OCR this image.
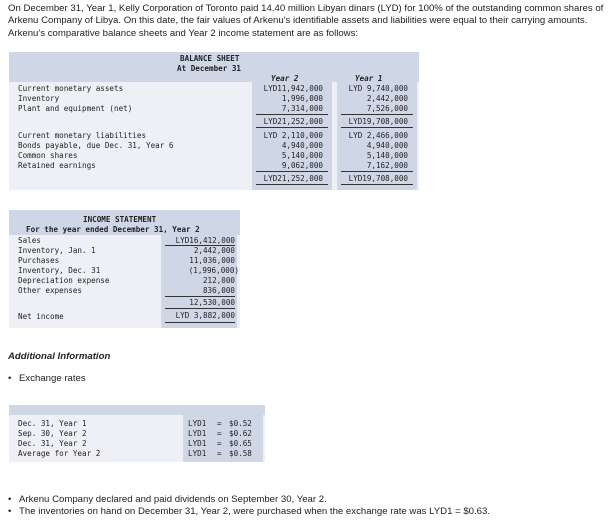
On December 31, Year 1, Kelly Corporation of Toronto paid 14.40 million Libyan dinars (LYD) for 100% of the outstanding common shares of Arkenu Company of Libya. On this date, the fair values of Arkenu's identifiable assets and liabilities were equal to their carrying amounts. Arkenu's comparative balance sheets and Year 2 income statement are as follows:

BALANCE SHEET
At December 31
Year 2	Year 1
Current monetary assets	LYD11,942,000	LYD 9,740,000
Inventory	1,996,000	2,442,000
Plant and equipment (net)	7,314,000	7,526,000
LYD21,252,000	LYD19,708,000
Current monetary liabilities	LYD 2,110,000	LYD 2,466,000
Bonds payable, due Dec. 31, Year 6	4,940,000	4,940,000
Common shares	5,140,000	5,140,000
Retained earnings	9,062,000	7,162,000
LYD21,252,000	LYD19,708,000
INCOME STATEMENT
For the year ended December 31, Year 2
Sales	LYD16,412,000
Inventory, Jan. 1	2,442,000
Purchases	11,036,000
Inventory, Dec. 31	(1,996,000)
Depreciation expense	212,000
Other expenses	836,000
12,530,000
Net income	LYD 3,882,000

Additional Information

• Exchange rates
Dec. 31, Year 1	LYD1 = $0.52
Sep. 30, Year 2	LYD1 = $0.62
Dec. 31, Year 2	LYD1 = $0.65
Average for Year 2	LYD1 = $0.58
• Arkenu Company declared and paid dividends on September 30, Year 2.
• The inventories on hand on December 31, Year 2, were purchased when the exchange rate was LYD1 = $0.63.
